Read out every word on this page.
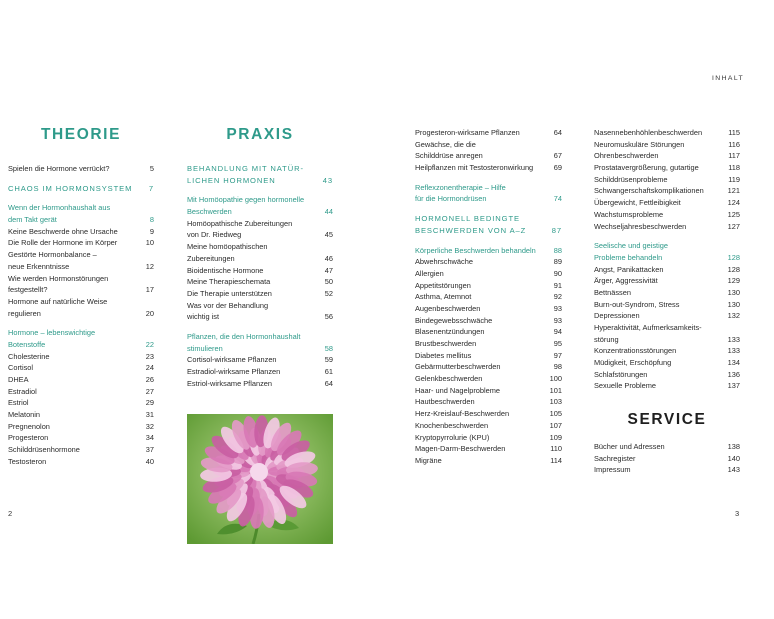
INHALT
THEORIE	PRAXIS
SERVICE
Spielen die Hormone verrückt?	5
CHAOS IM HORMONSYSTEM 7
Wenn der Hormonhaushalt aus
dem Takt gerät	8
Keine Beschwerde ohne Ursache	9
Die Rolle der Hormone im Körper	10
Gestörte Hormonbalance –
neue Erkenntnisse	12
Wie werden Hormonstörungen
festgestellt?	17
Hormone auf natürliche Weise
regulieren	20
Hormone – lebenswichtige
Botenstoffe	22
Cholesterine	23
Cortisol	24
DHEA	26
Estradiol	27
Estriol	29
Melatonin	31
Pregnenolon	32
Progesteron	34
Schilddrüsenhormone	37
Testosteron	40
BEHANDLUNG MIT NATÜR-
LICHEN HORMONEN	43
Mit Homöopathie gegen hormonelle
Beschwerden	44
Homöopathische Zubereitungen
von Dr. Riedweg	45
Meine homöopathischen
Zubereitungen	46
Bioidentische Hormone	47
Meine Therapieschemata	50
Die Therapie unterstützen	52
Was vor der Behandlung
wichtig ist	56
Pflanzen, die den Hormonhaushalt
stimulieren	58
Cortisol-wirksame Pflanzen	59
Estradiol-wirksame Pflanzen	61
Estriol-wirksame Pflanzen	64
Progesteron-wirksame Pflanzen	64
Gewächse, die die
Schilddrüse anregen	67
Heilpflanzen mit Testosteronwirkung	69
Reflexzonentherapie – Hilfe
für die Hormondrüsen	74
HORMONELL BEDINGTE
BESCHWERDEN VON A–Z	87
Körperliche Beschwerden behandeln 88
Abwehrschwäche	89
Allergien	90
Appetitstörungen	91
Asthma, Atemnot	92
Augenbeschwerden	93
Bindegewebsschwäche	93
Blasenentzündungen	94
Brustbeschwerden	95
Diabetes mellitus	97
Gebärmutterbeschwerden	98
Gelenkbeschwerden	100
Haar- und Nagelprobleme	101
Hautbeschwerden	103
Herz-Kreislauf-Beschwerden	105
Knochenbeschwerden	107
Kryptopyrrolurie (KPU)	109
Magen-Darm-Beschwerden	110
Migräne	114
Nasennebenhöhlenbeschwerden	115
Neuromuskuläre Störungen	116
Ohrenbeschwerden	117
Prostatavergrößerung, gutartige	118
Schilddrüsenprobleme	119
Schwangerschaftskomplikationen	121
Übergewicht, Fettleibigkeit	124
Wachstumsprobleme	125
Wechseljahresbeschwerden	127
Seelische und geistige
Probleme behandeln	128
Angst, Panikattacken	128
Ärger, Aggressivität	129
Bettnässen	130
Burn-out-Syndrom, Stress	130
Depressionen	132
Hyperaktivität, Aufmerksamkeits-
störung	133
Konzentrationsstörungen	133
Müdigkeit, Erschöpfung	134
Schlafstörungen	136
Sexuelle Probleme	137
Bücher und Adressen	138
Sachregister	140
Impressum	143
2	3
